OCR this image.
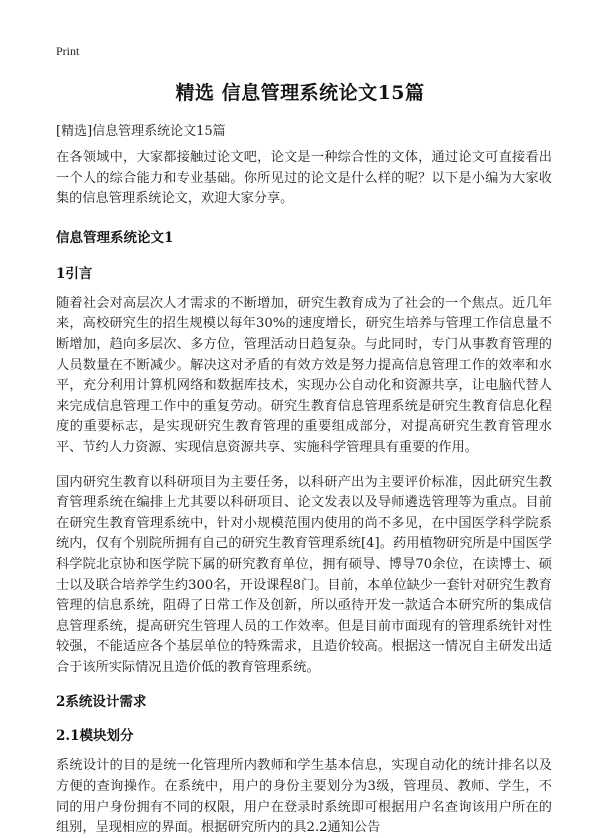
Print
精选 信息管理系统论文15篇
[精选]信息管理系统论文15篇

在各领域中，大家都接触过论文吧，论文是一种综合性的文体，通过论文可直接看出一个人的综合能力和专业基础。你所见过的论文是什么样的呢？以下是小编为大家收集的信息管理系统论文，欢迎大家分享。

信息管理系统论文1
1引言

随着社会对高层次人才需求的不断增加，研究生教育成为了社会的一个焦点。近几年来，高校研究生的招生规模以每年30%的速度增长，研究生培养与管理工作信息量不断增加，趋向多层次、多方位，管理活动日趋复杂。与此同时，专门从事教育管理的人员数量在不断减少。解决这对矛盾的有效方效是努力提高信息管理工作的效率和水平，充分利用计算机网络和数据库技术，实现办公自动化和资源共享，让电脑代替人来完成信息管理工作中的重复劳动。研究生教育信息管理系统是研究生教育信息化程度的重要标志，是实现研究生教育管理的重要组成部分，对提高研究生教育管理水平、节约人力资源、实现信息资源共享、实施科学管理具有重要的作用。

国内研究生教育以科研项目为主要任务，以科研产出为主要评价标准，因此研究生教育管理系统在编排上尤其要以科研项目、论文发表以及导师遴选管理等为重点。目前在研究生教育管理系统中，针对小规模范围内使用的尚不多见，在中国医学科学院系统内，仅有个别院所拥有自己的研究生教育管理系统[4]。药用植物研究所是中国医学科学院北京协和医学院下属的研究教育单位，拥有硕导、博导70余位，在读博士、硕士以及联合培养学生约300名，开设课程8门。目前，本单位缺少一套针对研究生教育管理的信息系统，阻碍了日常工作及创新，所以亟待开发一款适合本研究所的集成信息管理系统，提高研究生管理人员的工作效率。但是目前市面现有的管理系统针对性较强，不能适应各个基层单位的特殊需求，且造价较高。根据这一情况自主研发出适合于该所实际情况且造价低的教育管理系统。

2系统设计需求
2.1模块划分

系统设计的目的是统一化管理所内教师和学生基本信息，实现自动化的统计排名以及方便的查询操作。在系统中，用户的身份主要划分为3级，管理员、教师、学生，不同的用户身份拥有不同的权限，用户在登录时系统即可根据用户名查询该用户所在的组别，呈现相应的界面。根据研究所内的具2.2通知公告
